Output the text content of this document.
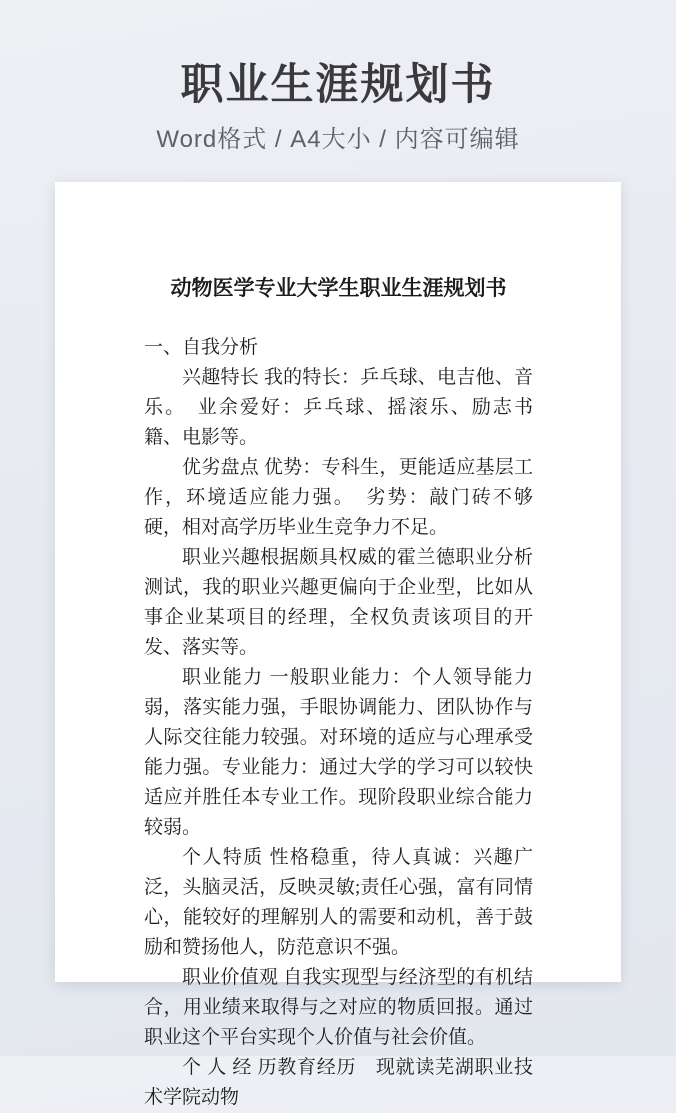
职业生涯规划书
Word格式 / A4大小 / 内容可编辑
动物医学专业大学生职业生涯规划书

一、自我分析

兴趣特长 我的特长：乒乓球、电吉他、音乐。　业余爱好：乒乓球、摇滚乐、励志书籍、电影等。

优劣盘点 优势：专科生，更能适应基层工作，环境适应能力强。　劣势：敲门砖不够硬，相对高学历毕业生竞争力不足。

职业兴趣根据颇具权威的霍兰德职业分析测试，我的职业兴趣更偏向于企业型，比如从事企业某项目的经理，全权负责该项目的开发、落实等。

职业能力 一般职业能力：个人领导能力弱，落实能力强，手眼协调能力、团队协作与人际交往能力较强。对环境的适应与心理承受能力强。专业能力：通过大学的学习可以较快适应并胜任本专业工作。现阶段职业综合能力较弱。

个人特质 性格稳重，待人真诚：兴趣广泛，头脑灵活，反映灵敏;责任心强，富有同情心，能较好的理解别人的需要和动机，善于鼓励和赞扬他人，防范意识不强。

职业价值观 自我实现型与经济型的有机结合，用业绩来取得与之对应的物质回报。通过职业这个平台实现个人价值与社会价值。

个 人 经 历教育经历　现就读芜湖职业技术学院动物
